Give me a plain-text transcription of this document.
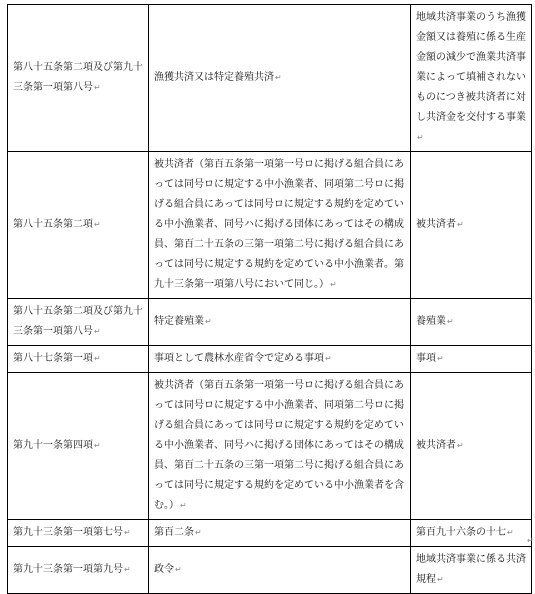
第八十五条第二項及び第九十三条第一項第八号↵	漁獲共済又は特定養殖共済↵	地域共済事業のうち漁獲金額又は養殖に係る生産金額の減少で漁業共済事業によって填補されないものにつき被共済者に対し共済金を交付する事業↵
第八十五条第二項↵	被共済者（第百五条第一項第一号ロに掲げる組合員にあっては同号ロに規定する中小漁業者、同項第二号ロに掲げる組合員にあっては同号ロに規定する規約を定めている中小漁業者、同号ハに掲げる団体にあってはその構成員、第百二十五条の三第一項第二号に掲げる組合員にあっては同号に規定する規約を定めている中小漁業者。第九十三条第一項第八号において同じ。）↵	被共済者↵
第八十五条第二項及び第九十三条第一項第八号↵	特定養殖業↵	養殖業↵
第八十七条第一項↵	事項として農林水産省令で定める事項↵	事項↵
第九十一条第四項↵	被共済者（第百五条第一項第一号ロに掲げる組合員にあっては同号ロに規定する中小漁業者、同項第二号ロに掲げる組合員にあっては同号ロに規定する規約を定めている中小漁業者、同号ハに掲げる団体にあってはその構成員、第百二十五条の三第一項第二号に掲げる組合員にあっては同号に規定する規約を定めている中小漁業者を含む。）↵	被共済者↵
第九十三条第一項第七号↵	第百二条↵	第百九十六条の十七↵
第九十三条第一項第九号↵	政令↵	地域共済事業に係る共済規程↵
↵
